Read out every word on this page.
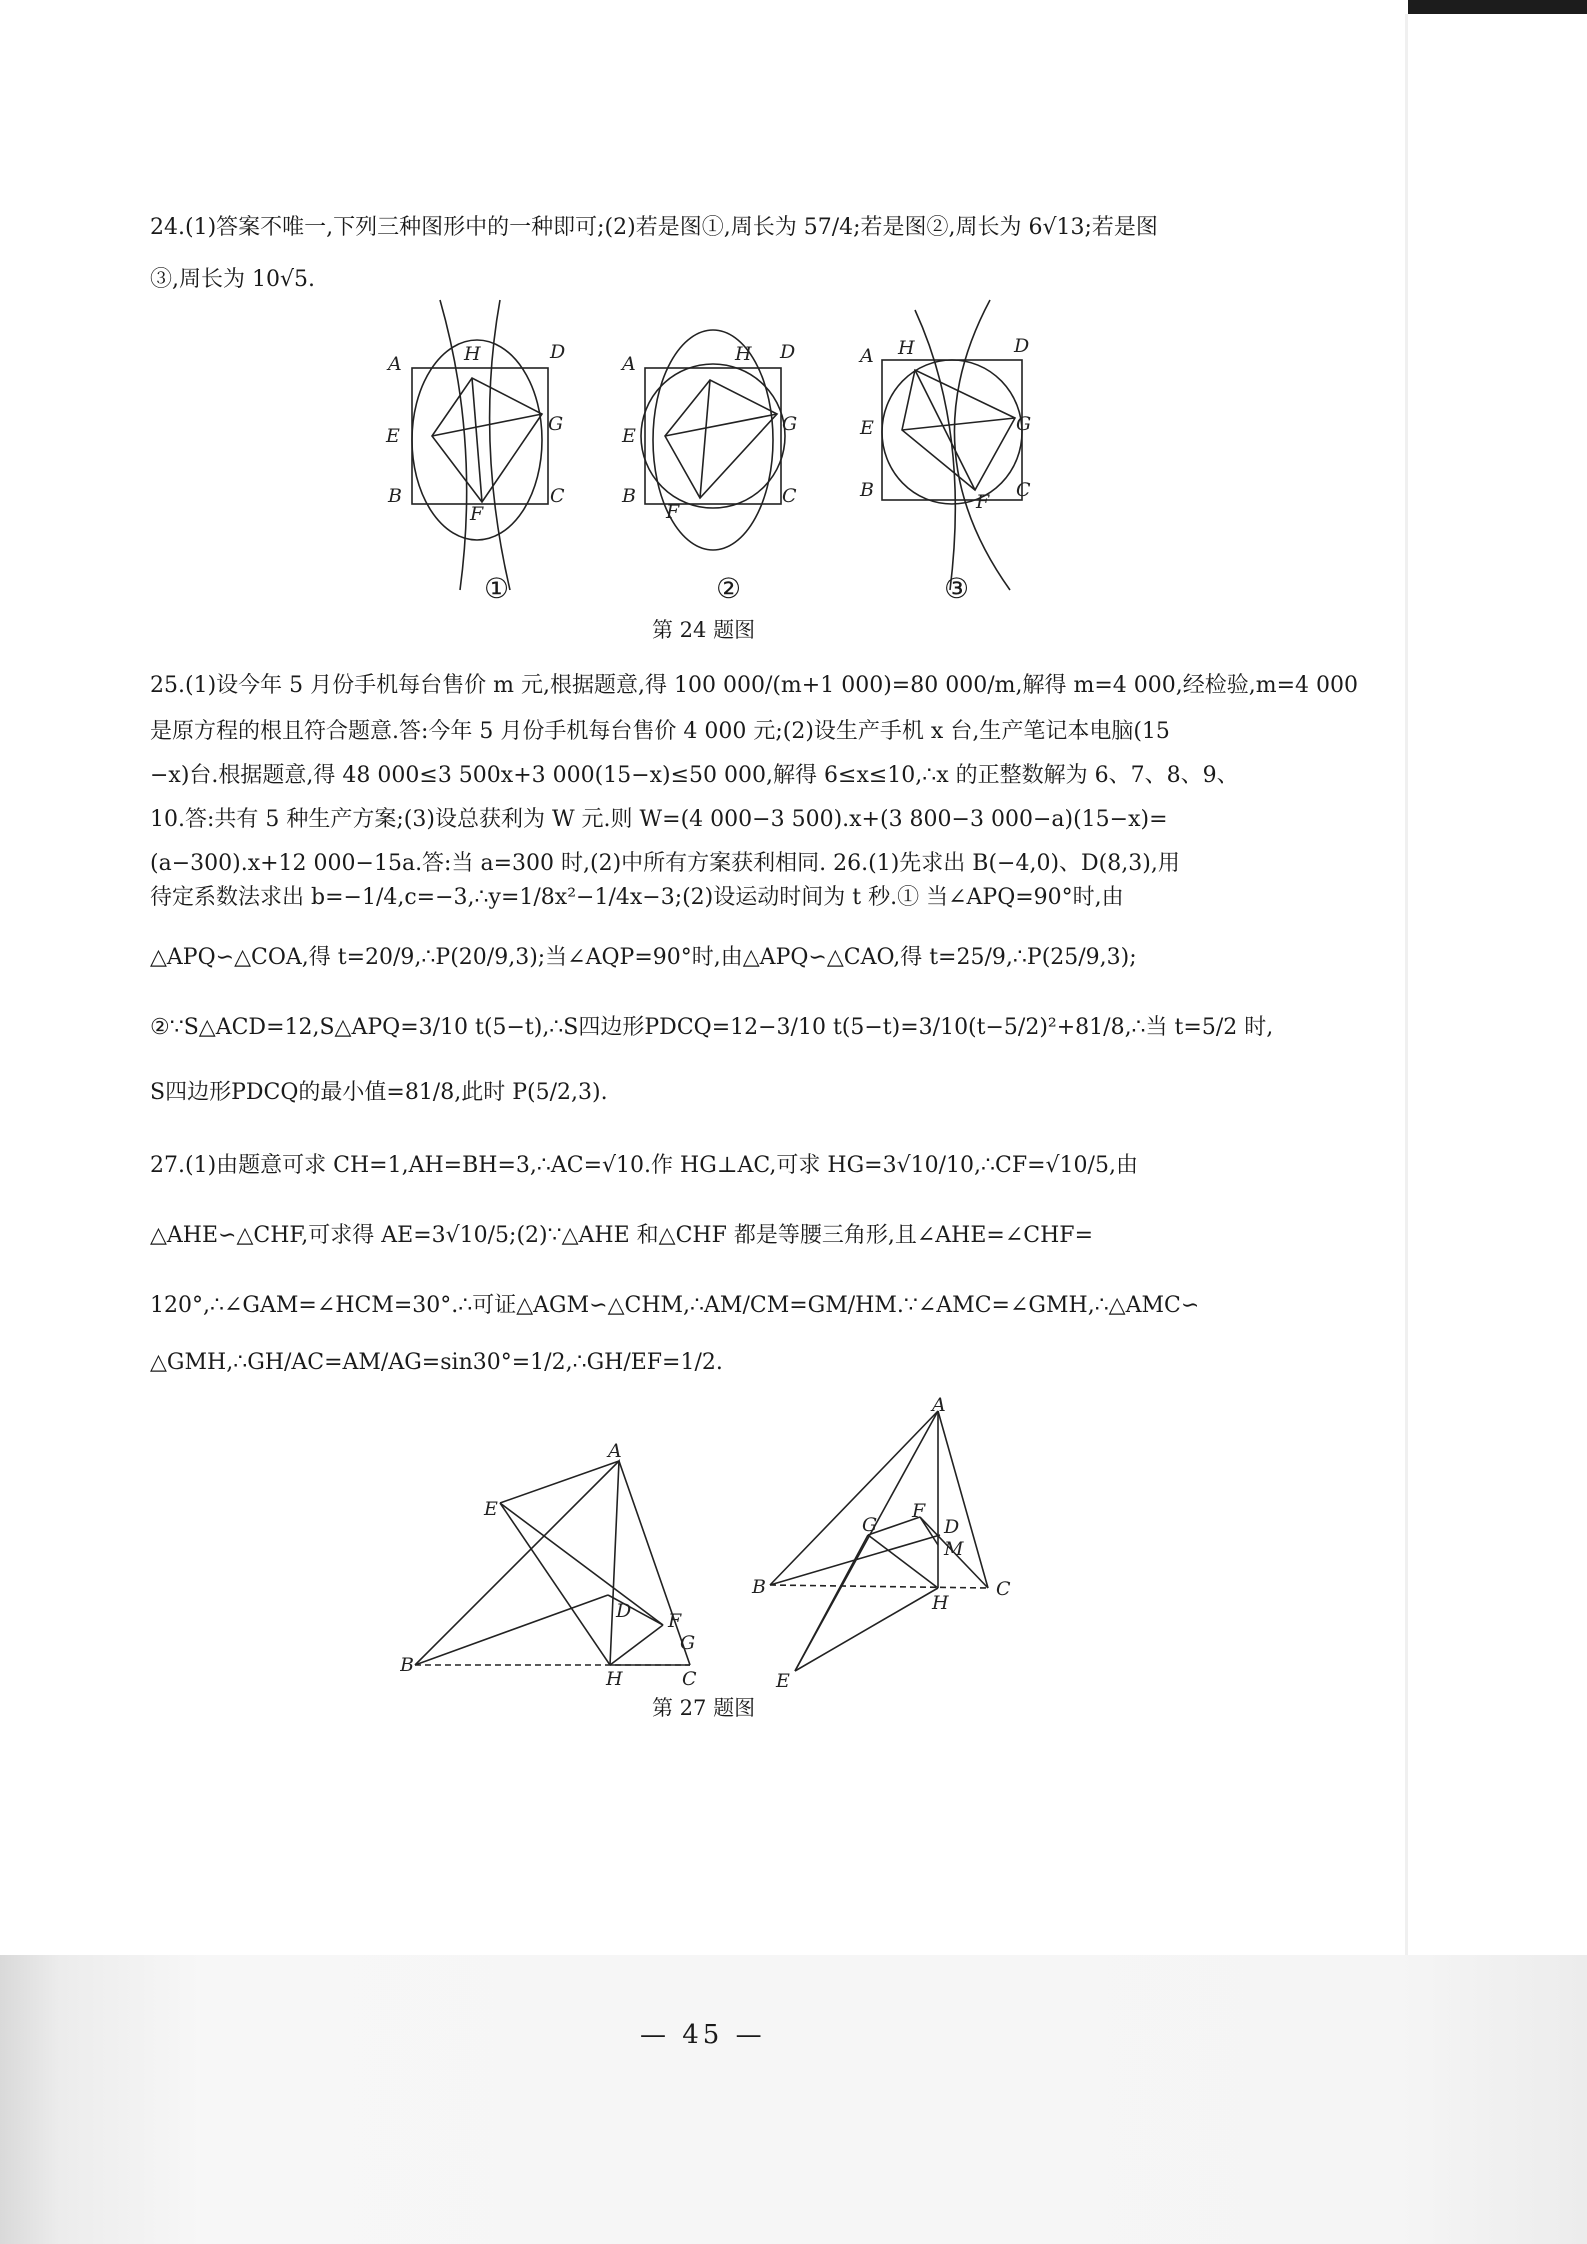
24.(1)答案不唯一,下列三种图形中的一种即可;(2)若是图①,周长为 57/4;若是图②,周长为 6√13;若是图
③,周长为 10√5.
A	H	D
E
G
B
F
C
A	H D
E
G
B
F
C
A H	D
E	G
B
F
C
①	②	③
第 24 题图
25.(1)设今年 5 月份手机每台售价 m 元,根据题意,得 100 000/(m+1 000)=80 000/m,解得 m=4 000,经检验,m=4 000
是原方程的根且符合题意.答:今年 5 月份手机每台售价 4 000 元;(2)设生产手机 x 台,生产笔记本电脑(15
−x)台.根据题意,得 48 000≤3 500x+3 000(15−x)≤50 000,解得 6≤x≤10,∴x 的正整数解为 6、7、8、9、
10.答:共有 5 种生产方案;(3)设总获利为 W 元.则 W=(4 000−3 500).x+(3 800−3 000−a)(15−x)=
(a−300).x+12 000−15a.答:当 a=300 时,(2)中所有方案获利相同. 26.(1)先求出 B(−4,0)、D(8,3),用
待定系数法求出 b=−1/4,c=−3,∴y=1/8x²−1/4x−3;(2)设运动时间为 t 秒.① 当∠APQ=90°时,由
△APQ∽△COA,得 t=20/9,∴P(20/9,3);当∠AQP=90°时,由△APQ∽△CAO,得 t=25/9,∴P(25/9,3);
②∵S△ACD=12,S△APQ=3/10 t(5−t),∴S四边形PDCQ=12−3/10 t(5−t)=3/10(t−5/2)²+81/8,∴当 t=5/2 时,
S四边形PDCQ的最小值=81/8,此时 P(5/2,3).
27.(1)由题意可求 CH=1,AH=BH=3,∴AC=√10.作 HG⊥AC,可求 HG=3√10/10,∴CF=√10/5,由
△AHE∽△CHF,可求得 AE=3√10/5;(2)∵△AHE 和△CHF 都是等腰三角形,且∠AHE=∠CHF=
120°,∴∠GAM=∠HCM=30°.∴可证△AGM∽△CHM,∴AM/CM=GM/HM.∵∠AMC=∠GMH,∴△AMC∽
△GMH,∴GH/AC=AM/AG=sin30°=1/2,∴GH/EF=1/2.
A
E
D F
G
B
H	C
A
G
F
D
M
B
H
C
E
第 27 题图
— 45 —
